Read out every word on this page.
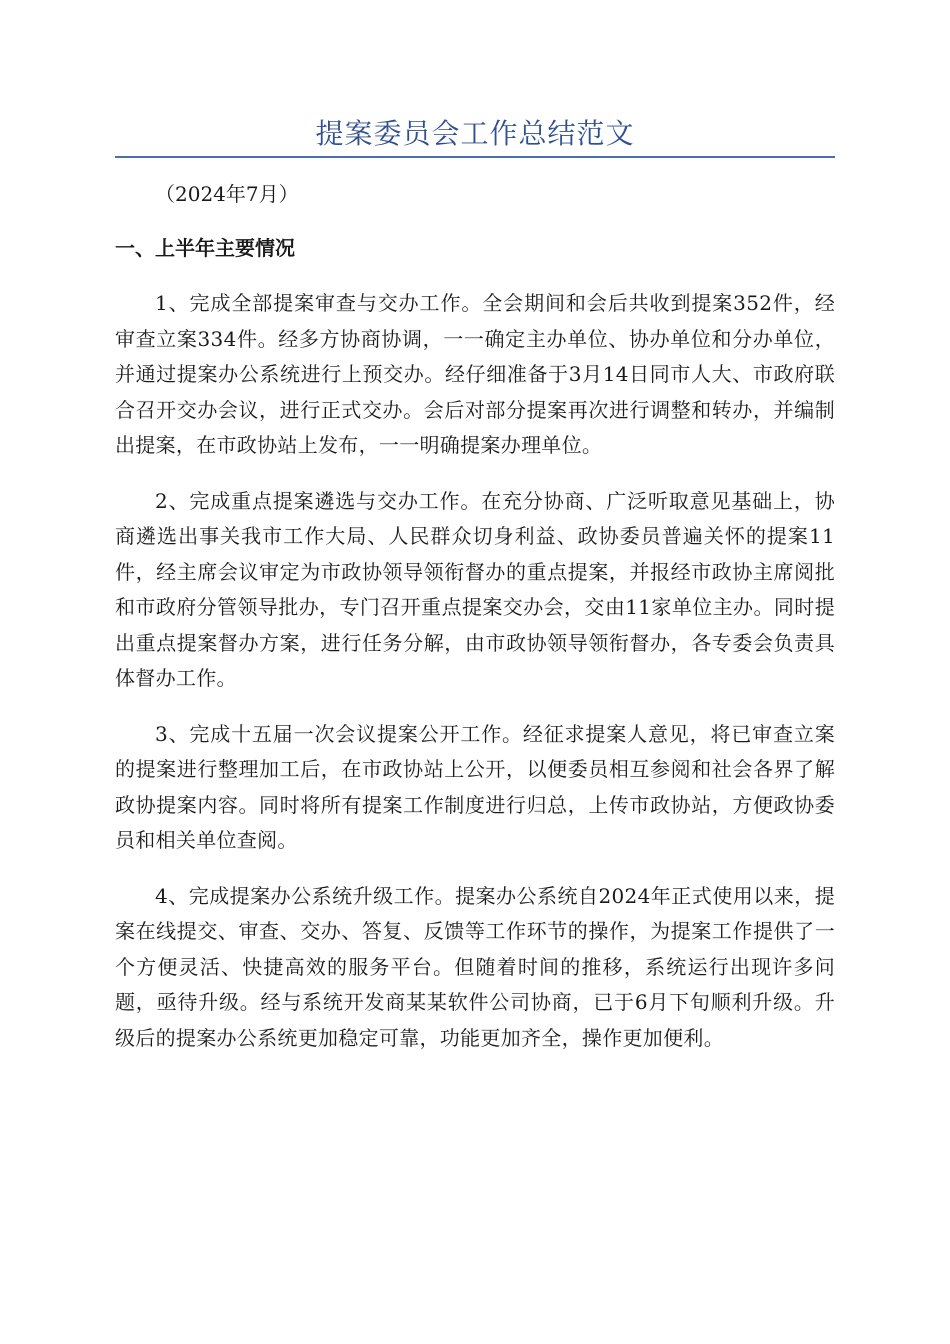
提案委员会工作总结范文

（2024年7月）

一、上半年主要情况

1、完成全部提案审查与交办工作。全会期间和会后共收到提案352件，经审查立案334件。经多方协商协调，一一确定主办单位、协办单位和分办单位，并通过提案办公系统进行上预交办。经仔细准备于3月14日同市人大、市政府联合召开交办会议，进行正式交办。会后对部分提案再次进行调整和转办，并编制出提案，在市政协站上发布，一一明确提案办理单位。

2、完成重点提案遴选与交办工作。在充分协商、广泛听取意见基础上，协商遴选出事关我市工作大局、人民群众切身利益、政协委员普遍关怀的提案11件，经主席会议审定为市政协领导领衔督办的重点提案，并报经市政协主席阅批和市政府分管领导批办，专门召开重点提案交办会，交由11家单位主办。同时提出重点提案督办方案，进行任务分解，由市政协领导领衔督办，各专委会负责具体督办工作。

3、完成十五届一次会议提案公开工作。经征求提案人意见，将已审查立案的提案进行整理加工后，在市政协站上公开，以便委员相互参阅和社会各界了解政协提案内容。同时将所有提案工作制度进行归总，上传市政协站，方便政协委员和相关单位查阅。

4、完成提案办公系统升级工作。提案办公系统自2024年正式使用以来，提案在线提交、审查、交办、答复、反馈等工作环节的操作，为提案工作提供了一个方便灵活、快捷高效的服务平台。但随着时间的推移，系统运行出现许多问题，亟待升级。经与系统开发商某某软件公司协商，已于6月下旬顺利升级。升级后的提案办公系统更加稳定可靠，功能更加齐全，操作更加便利。
